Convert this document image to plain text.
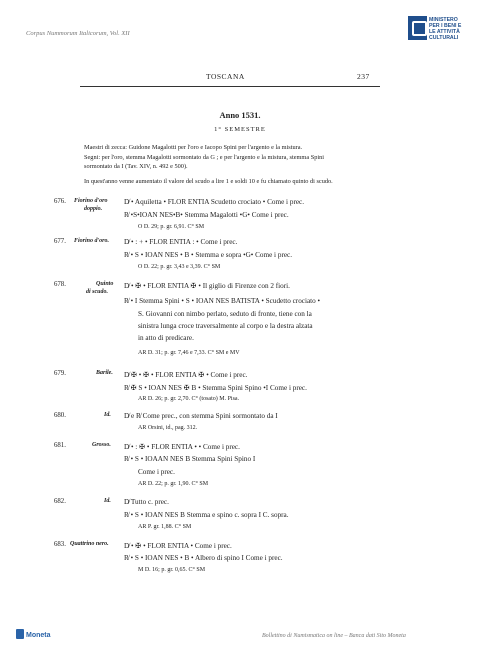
Corpus Nummorum Italicorum, Vol. XII
MINISTERO PER I BENI E LE ATTIVITÀ CULTURALI
TOSCANA	237
Anno 1531.
1° SEMESTRE
Maestri di zecca: Guidone Magalotti per l'oro e Iacopo Spini per l'argento e la mistura.
Segni: per l'oro, stemma Magalotti sormontato da G ; e per l'argento e la mistura, stemma Spini
sormontato da I (Tav. XIV, n. 492 e 500).
In quest'anno venne aumentato il valore del scudo a lire 1 e soldi 10 e fu chiamato quinto di scudo.
676. Fiorino d'oro
doppio.
D̸ • Aquiletta • FLOR ENTIA Scudetto crociato • Come i prec.
R̸ •S•IOAN NES•B• Stemma Magalotti •G• Come i prec.
O D. 29; p. gr. 6,91. C° SM
677. Fiorino d'oro. D̸ • : + • FLOR ENTIA : • Come i prec.
R̸ • S • IOAN NES • B • Stemma e sopra •G• Come i prec.
O D. 22; p. gr. 3,43 e 3,39. C° SM
678.	Quinto
di scudo.
D̸ • ✠ • FLOR ENTIA ✠ • Il giglio di Firenze con 2 fiori.
R̸ • I Stemma Spini • S • IOAN NES BATISTA • Scudetto crociato •
S. Giovanni con nimbo perlato, seduto di fronte, tiene con la
sinistra lunga croce traversalmente al corpo e la destra alzata
in atto di predicare.
AR D. 31; p. gr. 7,46 e 7,33. C° SM e MV
679.	Barile. D̸ ✠ • ✠ • FLOR ENTIA ✠ • Come i prec.
R̸ ✠ S • IOAN NES ✠ B • Stemma Spini Spino •I Come i prec.
AR D. 26; p. gr. 2,70. C° (tosato) M. Pisa.
680.	Id. D̸ e R̸ Come prec., con stemma Spini sormontato da I
AR Orsini, id., pag. 312.
681.	Grosso. D̸ • : ✠ • FLOR ENTIA • • Come i prec.
R̸ • S • IOAAN NES B Stemma Spini Spino I
Come i prec.
AR D. 22; p. gr. 1,90. C° SM
682.	Id. D̸ Tutto c. prec.
R̸ • S • IOAN NES B Stemma e spino c. sopra I C. sopra.
AR P. gr. 1,88. C° SM
683. Quattrino nero. D̸ • ✠ • FLOR ENTIA • Come i prec.
R̸ • S • IOAN NES • B • Albero di spino I Come i prec.
M D. 16; p. gr. 0,65. C° SM
Moneta	Bollettino di Numismatica on line – Banca dati Sito Moneta
